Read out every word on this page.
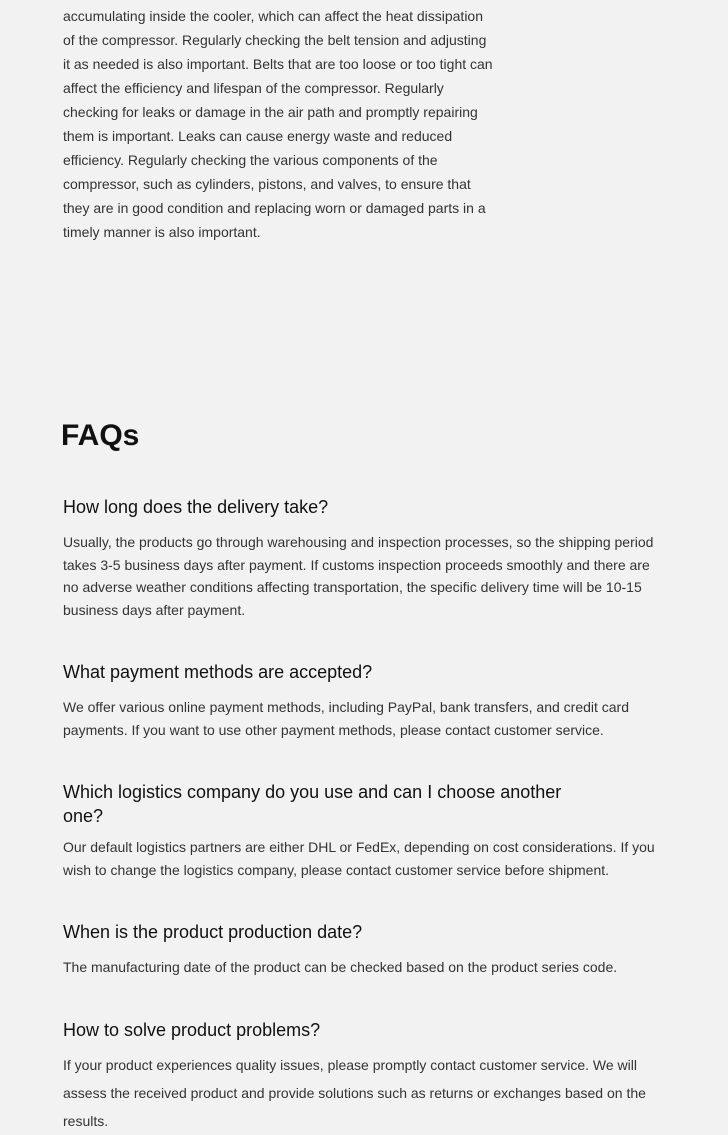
accumulating inside the cooler, which can affect the heat dissipation of the compressor. Regularly checking the belt tension and adjusting it as needed is also important. Belts that are too loose or too tight can affect the efficiency and lifespan of the compressor. Regularly checking for leaks or damage in the air path and promptly repairing them is important. Leaks can cause energy waste and reduced efficiency. Regularly checking the various components of the compressor, such as cylinders, pistons, and valves, to ensure that they are in good condition and replacing worn or damaged parts in a timely manner is also important.

FAQs
How long does the delivery take?

Usually, the products go through warehousing and inspection processes, so the shipping period takes 3-5 business days after payment. If customs inspection proceeds smoothly and there are no adverse weather conditions affecting transportation, the specific delivery time will be 10-15 business days after payment.

What payment methods are accepted?

We offer various online payment methods, including PayPal, bank transfers, and credit card payments. If you want to use other payment methods, please contact customer service.

Which logistics company do you use and can I choose another one?

Our default logistics partners are either DHL or FedEx, depending on cost considerations. If you wish to change the logistics company, please contact customer service before shipment.

When is the product production date?

The manufacturing date of the product can be checked based on the product series code.

How to solve product problems?

If your product experiences quality issues, please promptly contact customer service. We will assess the received product and provide solutions such as returns or exchanges based on the results.
